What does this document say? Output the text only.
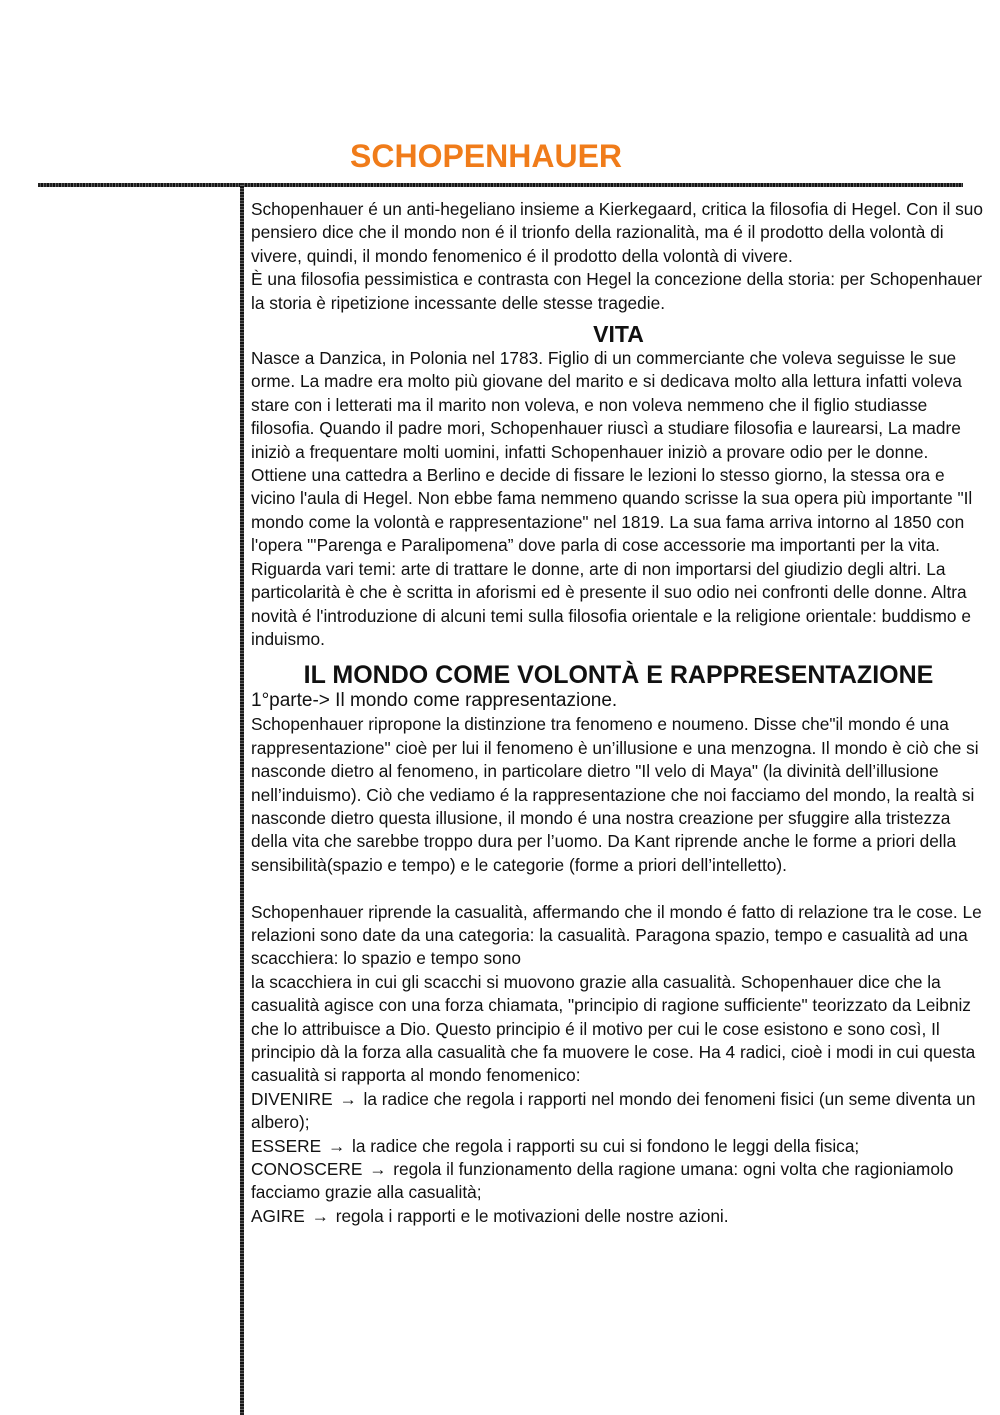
SCHOPENHAUER

Schopenhauer é un anti-hegeliano insieme a Kierkegaard, critica la filosofia di Hegel. Con il suo pensiero dice che il mondo non é il trionfo della razionalità, ma é il prodotto della volontà di vivere, quindi, il mondo fenomenico é il prodotto della volontà di vivere.

È una filosofia pessimistica e contrasta con Hegel la concezione della storia: per Schopenhauer la storia è ripetizione incessante delle stesse tragedie.

VITA

Nasce a Danzica, in Polonia nel 1783. Figlio di un commerciante che voleva seguisse le sue orme. La madre era molto più giovane del marito e si dedicava molto alla lettura infatti voleva stare con i letterati ma il marito non voleva, e non voleva nemmeno che il figlio studiasse filosofia. Quando il padre mori, Schopenhauer riuscì a studiare filosofia e laurearsi, La madre iniziò a frequentare molti uomini, infatti Schopenhauer iniziò a provare odio per le donne. Ottiene una cattedra a Berlino e decide di fissare le lezioni lo stesso giorno, la stessa ora e vicino l'aula di Hegel. Non ebbe fama nemmeno quando scrisse la sua opera più importante "Il mondo come la volontà e rappresentazione" nel 1819. La sua fama arriva intorno al 1850 con l'opera "'Parenga e Paralipomena” dove parla di cose accessorie ma importanti per la vita. Riguarda vari temi: arte di trattare le donne, arte di non importarsi del giudizio degli altri. La particolarità è che è scritta in aforismi ed è presente il suo odio nei confronti delle donne. Altra novità é l'introduzione di alcuni temi sulla filosofia orientale e la religione orientale: buddismo e induismo.

IL MONDO COME VOLONTÀ E RAPPRESENTAZIONE

1°parte-> Il mondo come rappresentazione.

Schopenhauer ripropone la distinzione tra fenomeno e noumeno. Disse che"il mondo é una rappresentazione" cioè per lui il fenomeno è un’illusione e una menzogna. Il mondo è ciò che si nasconde dietro al fenomeno, in particolare dietro "Il velo di Maya" (la divinità dell’illusione nell’induismo). Ciò che vediamo é la rappresentazione che noi facciamo del mondo, la realtà si nasconde dietro questa illusione, il mondo é una nostra creazione per sfuggire alla tristezza della vita che sarebbe troppo dura per l’uomo. Da Kant riprende anche le forme a priori della sensibilità(spazio e tempo) e le categorie (forme a priori dell’intelletto).

Schopenhauer riprende la casualità, affermando che il mondo é fatto di relazione tra le cose. Le relazioni sono date da una categoria: la casualità. Paragona spazio, tempo e casualità ad una scacchiera: lo spazio e tempo sono

la scacchiera in cui gli scacchi si muovono grazie alla casualità. Schopenhauer dice che la casualità agisce con una forza chiamata, "principio di ragione sufficiente" teorizzato da Leibniz che lo attribuisce a Dio. Questo principio é il motivo per cui le cose esistono e sono così, Il principio dà la forza alla casualità che fa muovere le cose. Ha 4 radici, cioè i modi in cui questa casualità si rapporta al mondo fenomenico:

DIVENIRE → la radice che regola i rapporti nel mondo dei fenomeni fisici (un seme diventa un albero);

ESSERE → la radice che regola i rapporti su cui si fondono le leggi della fisica;

CONOSCERE → regola il funzionamento della ragione umana: ogni volta che ragioniamolo facciamo grazie alla casualità;

AGIRE → regola i rapporti e le motivazioni delle nostre azioni.
